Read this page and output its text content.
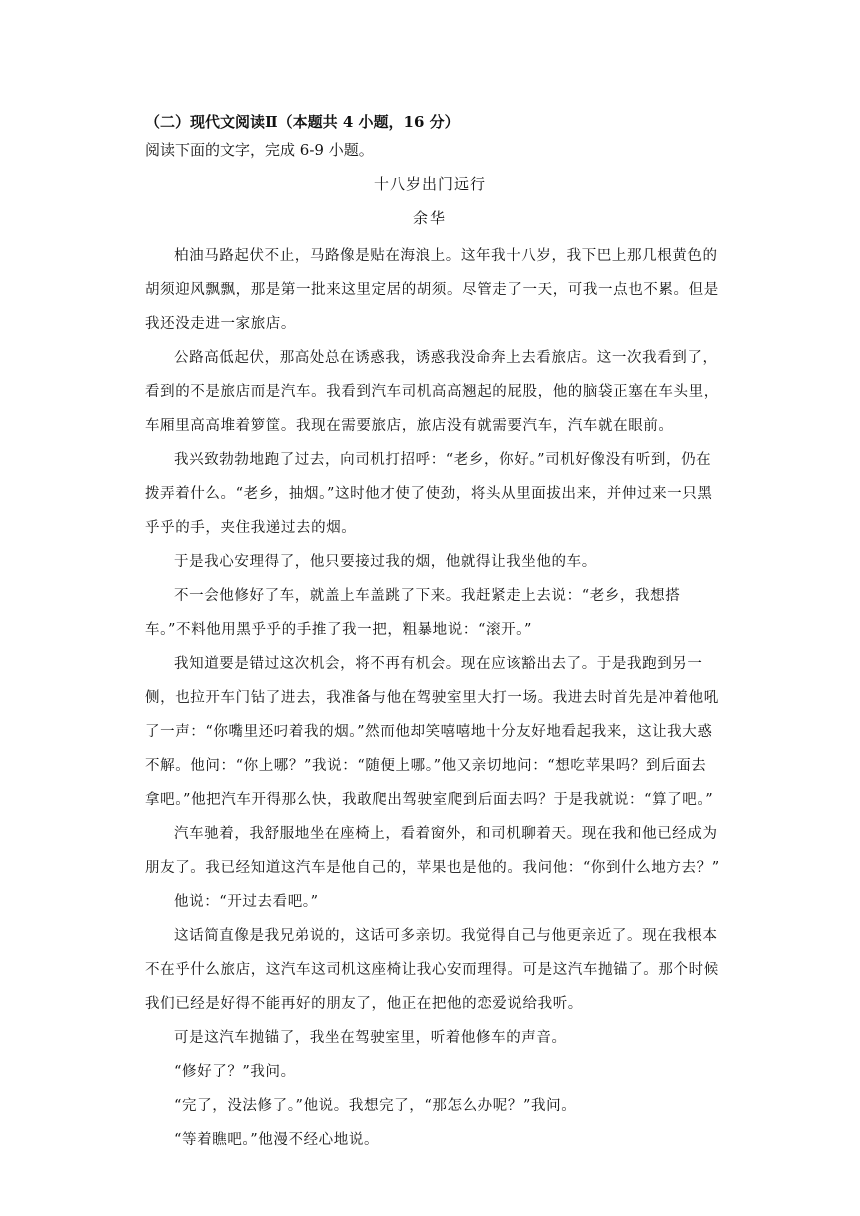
（二）现代文阅读Ⅱ（本题共 4 小题，16 分）
阅读下面的文字，完成 6-9 小题。
十八岁出门远行
余华

柏油马路起伏不止，马路像是贴在海浪上。这年我十八岁，我下巴上那几根黄色的胡须迎风飘飘，那是第一批来这里定居的胡须。尽管走了一天，可我一点也不累。但是我还没走进一家旅店。

公路高低起伏，那高处总在诱惑我，诱惑我没命奔上去看旅店。这一次我看到了，看到的不是旅店而是汽车。我看到汽车司机高高翘起的屁股，他的脑袋正塞在车头里，车厢里高高堆着箩筐。我现在需要旅店，旅店没有就需要汽车，汽车就在眼前。

我兴致勃勃地跑了过去，向司机打招呼：“老乡，你好。”司机好像没有听到，仍在拨弄着什么。“老乡，抽烟。”这时他才使了使劲，将头从里面拔出来，并伸过来一只黑乎乎的手，夹住我递过去的烟。

于是我心安理得了，他只要接过我的烟，他就得让我坐他的车。

不一会他修好了车，就盖上车盖跳了下来。我赶紧走上去说：“老乡，我想搭车。”不料他用黑乎乎的手推了我一把，粗暴地说：“滚开。”

我知道要是错过这次机会，将不再有机会。现在应该豁出去了。于是我跑到另一侧，也拉开车门钻了进去，我准备与他在驾驶室里大打一场。我进去时首先是冲着他吼了一声：“你嘴里还叼着我的烟。”然而他却笑嘻嘻地十分友好地看起我来，这让我大惑不解。他问：“你上哪？”我说：“随便上哪。”他又亲切地问：“想吃苹果吗？到后面去拿吧。”他把汽车开得那么快，我敢爬出驾驶室爬到后面去吗？于是我就说：“算了吧。”

汽车驰着，我舒服地坐在座椅上，看着窗外，和司机聊着天。现在我和他已经成为朋友了。我已经知道这汽车是他自己的，苹果也是他的。我问他：“你到什么地方去？”

他说：“开过去看吧。”

这话简直像是我兄弟说的，这话可多亲切。我觉得自己与他更亲近了。现在我根本不在乎什么旅店，这汽车这司机这座椅让我心安而理得。可是这汽车抛锚了。那个时候我们已经是好得不能再好的朋友了，他正在把他的恋爱说给我听。

可是这汽车抛锚了，我坐在驾驶室里，听着他修车的声音。

“修好了？”我问。

“完了，没法修了。”他说。我想完了，“那怎么办呢？”我问。

“等着瞧吧。”他漫不经心地说。
